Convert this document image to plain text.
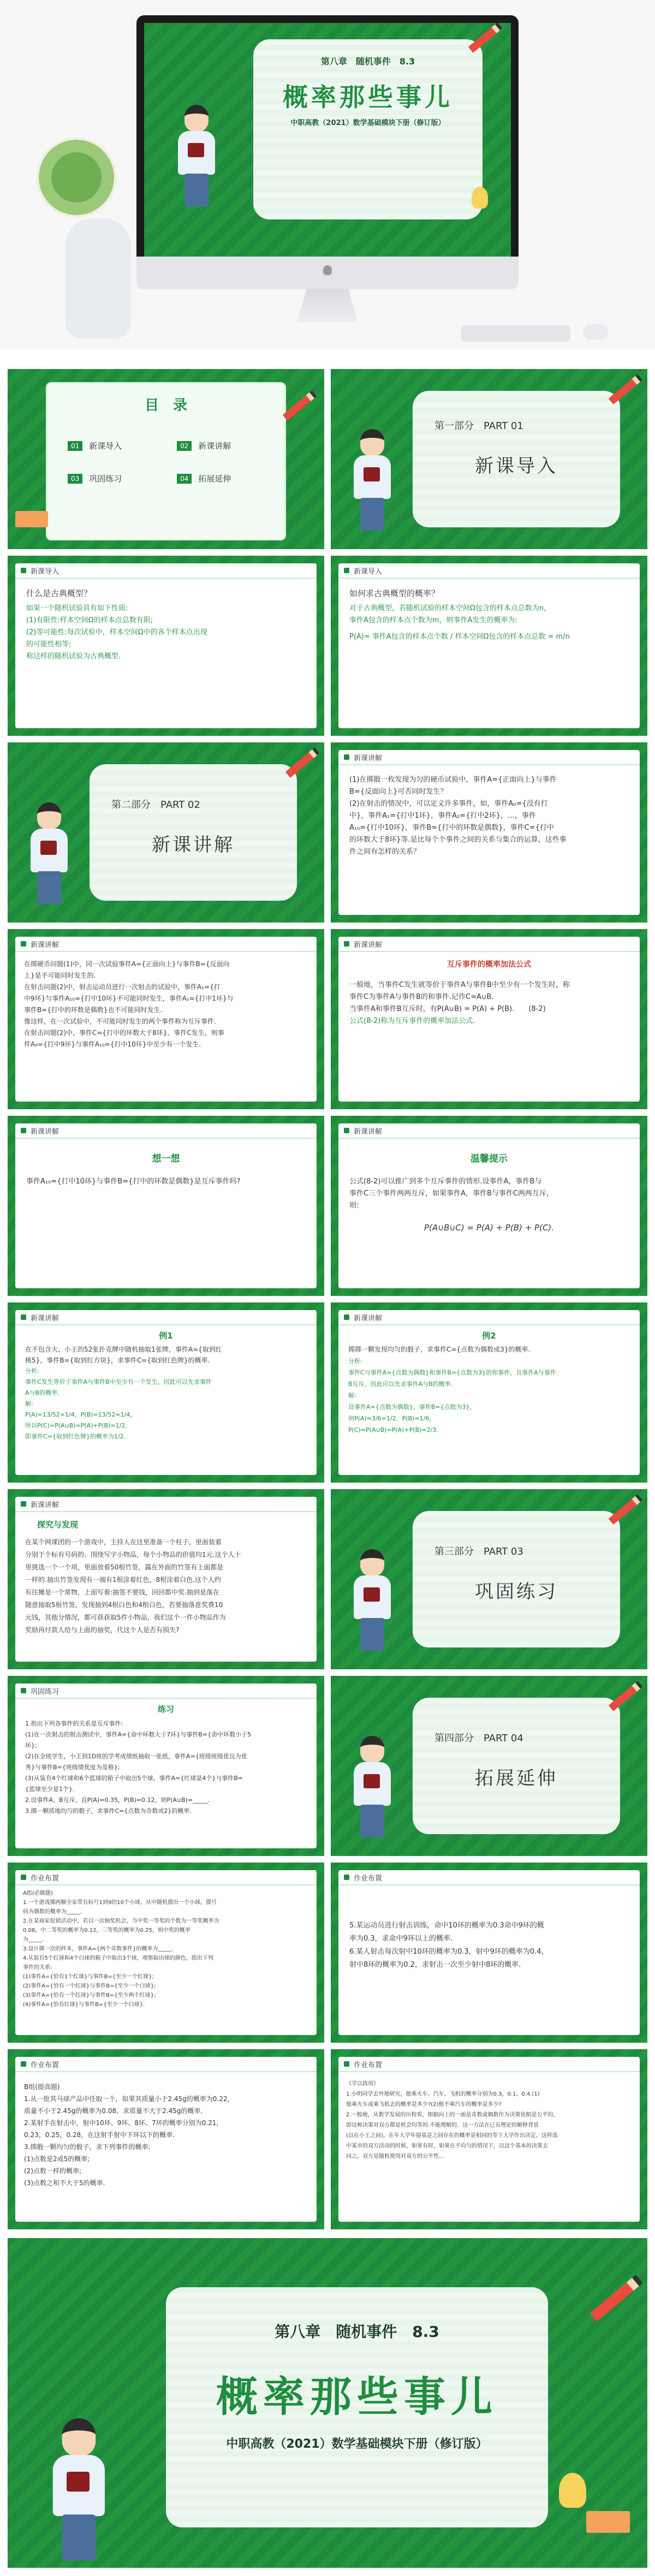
第八章　随机事件　8.3
概率那些事儿
中职高教（2021）数学基础模块下册（修订版）
目　录
01	新课导入	02	新课讲解
03	巩固练习	04	拓展延伸
第一部分　PART 01
新课导入
新课导入
什么是古典概型？
如果一个随机试验具有如下性质:
(1)有限性:样本空间Ω的样本点总数有限;
(2)等可能性:每次试验中，样本空间Ω中的各个样本点出现
的可能性相等;
称这样的随机试验为古典概型.
新课导入
如何求古典概型的概率？
对于古典概型，若随机试验的样本空间Ω包含的样本点总数为n，
事件A包含的样本点个数为m，则事件A发生的概率为:
P(A)= 事件A包含的样本点个数 / 样本空间Ω包含的样本点总数 = m/n
第二部分　PART 02
新课讲解
新课讲解
(1)在掷骰一枚发现为匀的硬币试验中，事件A={正面向上}与事件
B={反面向上}可否同时发生？
(2)在射击的情况中，可以定义许多事件，如，事件A₀={没有打
中}，事件A₁={打中1环}，事件A₂={打中2环}，…，事件
A₁₀={打中10环}，事件B={打中的环数是偶数}，事件C={打中
的环数大于8环}等.是比每个个事件之间的关系与集合的运算，这些事
件之间有怎样的关系？
新课讲解
在掷硬币问题(1)中，同一次试验事件A={正面向上}与事件B={反面向
上}是不可能同时发生的.
在射击问题(2)中，射击运动员进行一次射击的试验中，事件A₁={打
中9环}与事件A₁₀={打中10环}不可能同时发生，事件A₁={打中1环}与
事件B={打中的环数是偶数}也不可能同时发生.
像这样，在一次试验中，不可能同时发生的两个事件称为互斥事件.
在射击问题(2)中，事件C={打中的环数大于8环}，事件C发生，则事
件A₉={打中9环}与事件A₁₀={打中10环}中至少有一个发生.
新课讲解
互斥事件的概率加法公式
一般地，当事件C发生就等价于事件A与事件B中至少有一个发生时，称
事件C为事件A与事件B的和事件.记作C=A∪B.
当事件A和事件B互斥时，有P(A∪B) = P(A) + P(B).　　(8-2)
公式(8-2)称为互斥事件的概率加法公式.
新课讲解
想一想
事件A₁₀={打中10环}与事件B={打中的环数是偶数}是互斥事件吗?
新课讲解
温馨提示
公式(8-2)可以推广到多个互斥事件的情形.设事件A，事件B与
事件C三个事件两两互斥，如果事件A，事件B与事件C两两互斥，
则:
P(A∪B∪C) = P(A) + P(B) + P(C).
新课讲解
例1
在不包含大、小王的52张扑克牌中随机抽取1张牌，事件A={取到红
桃5}，事件B={取到红方块}，求事件C={取到红色牌}的概率.
分析:
事件C发生等价于事件A与事件B中至少有一个发生，因此可以先求事件
A与B的概率.
解:
P(A)=13/52=1/4，P(B)=13/52=1/4，
所以P(C)=P(A∪B)=P(A)+P(B)=1/2，
即事件C={取到红色牌}的概率为1/2.
新课讲解
例2
掷掷一颗发现均匀的骰子，求事件C={点数为偶数或3}的概率.
分析:
事件C与事件A={点数为偶数}和事件B={点数为3}的和事件，且事件A与事件
B互斥，因此可以先求事件A与B的概率.
解:
设事件A={点数为偶数}，事件B={点数为3}，
则P(A)=3/6=1/2，P(B)=1/6，
P(C)=P(A∪B)=P(A)+P(B)=2/3.
新课讲解
探究与发现
在某个网课团的一个游戏中，主持人在这里准备一个柱子，里面装着
分别于个标有号码的、围绕写字小物品，每个小物品的价值均1元.这个人十
里挑选一个一个项，里面放着50根竹签，露在外面的竹签有上面都是
一样的.抽出竹签发现有一端有1根涂着红色，8根涂着白色.这个人约
有往摊是一个常物，上面写着:抽签不要钱，回回都中奖.抽到是落在
随意抽取5根竹签，发现抽到4根白色和4根白色，若要抽落意奖费10
元钱，其他分情况，都可获获取5件小物品，我们这个一件小物品作为
奖励再付款人给与上面的抽奖，代这个人是否有损失?
第三部分　PART 03
巩固练习
巩固练习
练习
1.指出下列各事件的关系是互斥事件:
(1)在一次射击的射击测试中，事件A={命中环数大于7环}与事件B={命中环数小于5
环};
(2)在全班学生，小王到1D班的学考成绩纸抽取一张纸，事件A={班级班级优良为优
秀}与事件B={班级绩优度为及格};
(3)从装有4个红球和6个蓝球的箱子中取出5个球，事件A={红球是4个}与事件B=
{蓝球至少是1个}.
2.设事件A，B互斥，且P(A)=0.35，P(B)=0.12，则P(A∪B)=_____.
3.掷一颗质地均匀的骰子，求事件C={点数为奇数或2}的概率.
第四部分　PART 04
拓展延伸
作业布置
A组(必做题)
1.一个游戏掷两颗全家带有标号1到9的10个小球，从中随机摸出一个小球，摸号
码为偶数的概率为_____.
2.在某商家促销活动中，若以一次抽奖机会，当中奖一等奖的个数为一等奖概率为
0.08，中二等奖的概率为0.12，三等奖的概率为0.25，则中奖的概率
为_____.
3.设计掷一次的样本，事件A={两个奇数事件}的概率为_____.
4.从装有5个红球和4个白球的箱子中取出3个球，观察取出球的颜色，指出下列
事件的关系:
(1)事件A={恰有1个红球}与事件B={至少一个红球};
(2)事件A={恰有一个红球}与事件B={至少一个白球};
(3)事件A={恰有一个红球}与事件B={至少两个红球};
(4)事件A={恰有红球}与事件B={至少一个白球}.
作业布置
5.某运动员进行射击训练，命中10环的概率为0.3命中9环的概
率为0.3，求命中9环以上的概率.
6.某人射击每次射中10环的概率为0.3，射中9环的概率为0.4，
射中8环的概率为0.2，求射击一次至少射中8环的概率.
作业布置
B组(提高题)
1.从一批其马球产品中任取一个，如果其质量小于2.45g的概率为0.22，
质量不小于2.45g的概率为0.08，求质量不大于2.45g的概率.
2.某射手在射击中，射中10环、9环、8环、7环的概率分别为0.21，
0.23，0.25，0.28，在这射手射中下环以下的概率.
3.掷骰一颗均匀的骰子，求下列事件的概率:
(1)点数是2或5的概率;
(2)点数一样的概率;
(3)点数之和不大于5的概率.
作业布置
《学以致用》
1.小明同学去外地研究，他乘火车、汽车、飞机的概率分别为0.3，0.1，0.4.(1)
他乘火车或乘飞机去的概率是多少?(2)他不乘汽车的概率是多少?
2.一般地，从数学发展的历程看，根据向上的一面是奇数或偶数作为决策依据是公平的，
即这种决策对双方都是机会均等的.不能理解的，这一方法在已有理论的解释背景
(以在小王之间)，在年大学年提基是之间存在的概率是相同的等下大学作出决定，这样选
中某市的双方活动的时候，如果有时，如果在不均匀的情况下，以这个基本的决策去
问之，双方是随机使用对双方的公平性...
第八章　随机事件　8.3
概率那些事儿
中职高教（2021）数学基础模块下册（修订版）
